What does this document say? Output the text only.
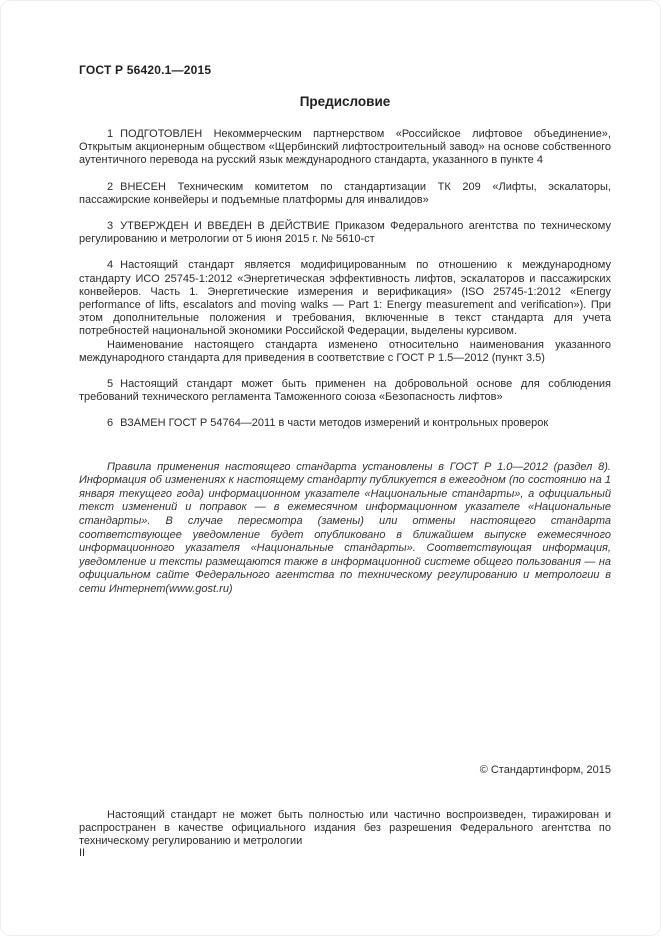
ГОСТ Р 56420.1—2015
Предисловие

1 ПОДГОТОВЛЕН Некоммерческим партнерством «Российское лифтовое объединение», Открытым акционерным обществом «Щербинский лифтостроительный завод» на основе собственного аутентичного перевода на русский язык международного стандарта, указанного в пункте 4

2 ВНЕСЕН Техническим комитетом по стандартизации ТК 209 «Лифты, эскалаторы, пассажирские конвейеры и подъемные платформы для инвалидов»

3 УТВЕРЖДЕН И ВВЕДЕН В ДЕЙСТВИЕ Приказом Федерального агентства по техническому регулированию и метрологии от 5 июня 2015 г. № 5610-ст

4 Настоящий стандарт является модифицированным по отношению к международному стандарту ИСО 25745-1:2012 «Энергетическая эффективность лифтов, эскалаторов и пассажирских конвейеров. Часть 1. Энергетические измерения и верификация» (ISO 25745-1:2012 «Energy performance of lifts, escalators and moving walks — Part 1: Energy measurement and verification»). При этом дополнительные положения и требования, включенные в текст стандарта для учета потребностей национальной экономики Российской Федерации, выделены курсивом.

Наименование настоящего стандарта изменено относительно наименования указанного международного стандарта для приведения в соответствие с ГОСТ Р 1.5—2012 (пункт 3.5)

5 Настоящий стандарт может быть применен на добровольной основе для соблюдения требований технического регламента Таможенного союза «Безопасность лифтов»

6 ВЗАМЕН ГОСТ Р 54764—2011 в части методов измерений и контрольных проверок

Правила применения настоящего стандарта установлены в ГОСТ Р 1.0—2012 (раздел 8). Информация об изменениях к настоящему стандарту публикуется в ежегодном (по состоянию на 1 января текущего года) информационном указателе «Национальные стандарты», а официальный текст изменений и поправок — в ежемесячном информационном указателе «Национальные стандарты». В случае пересмотра (замены) или отмены настоящего стандарта соответствующее уведомление будет опубликовано в ближайшем выпуске ежемесячного информационного указателя «Национальные стандарты». Соответствующая информация, уведомление и тексты размещаются также в информационной системе общего пользования — на официальном сайте Федерального агентства по техническому регулированию и метрологии в сети Интернет(www.gost.ru)

© Стандартинформ, 2015

Настоящий стандарт не может быть полностью или частично воспроизведен, тиражирован и распространен в качестве официального издания без разрешения Федерального агентства по техническому регулированию и метрологии

II
